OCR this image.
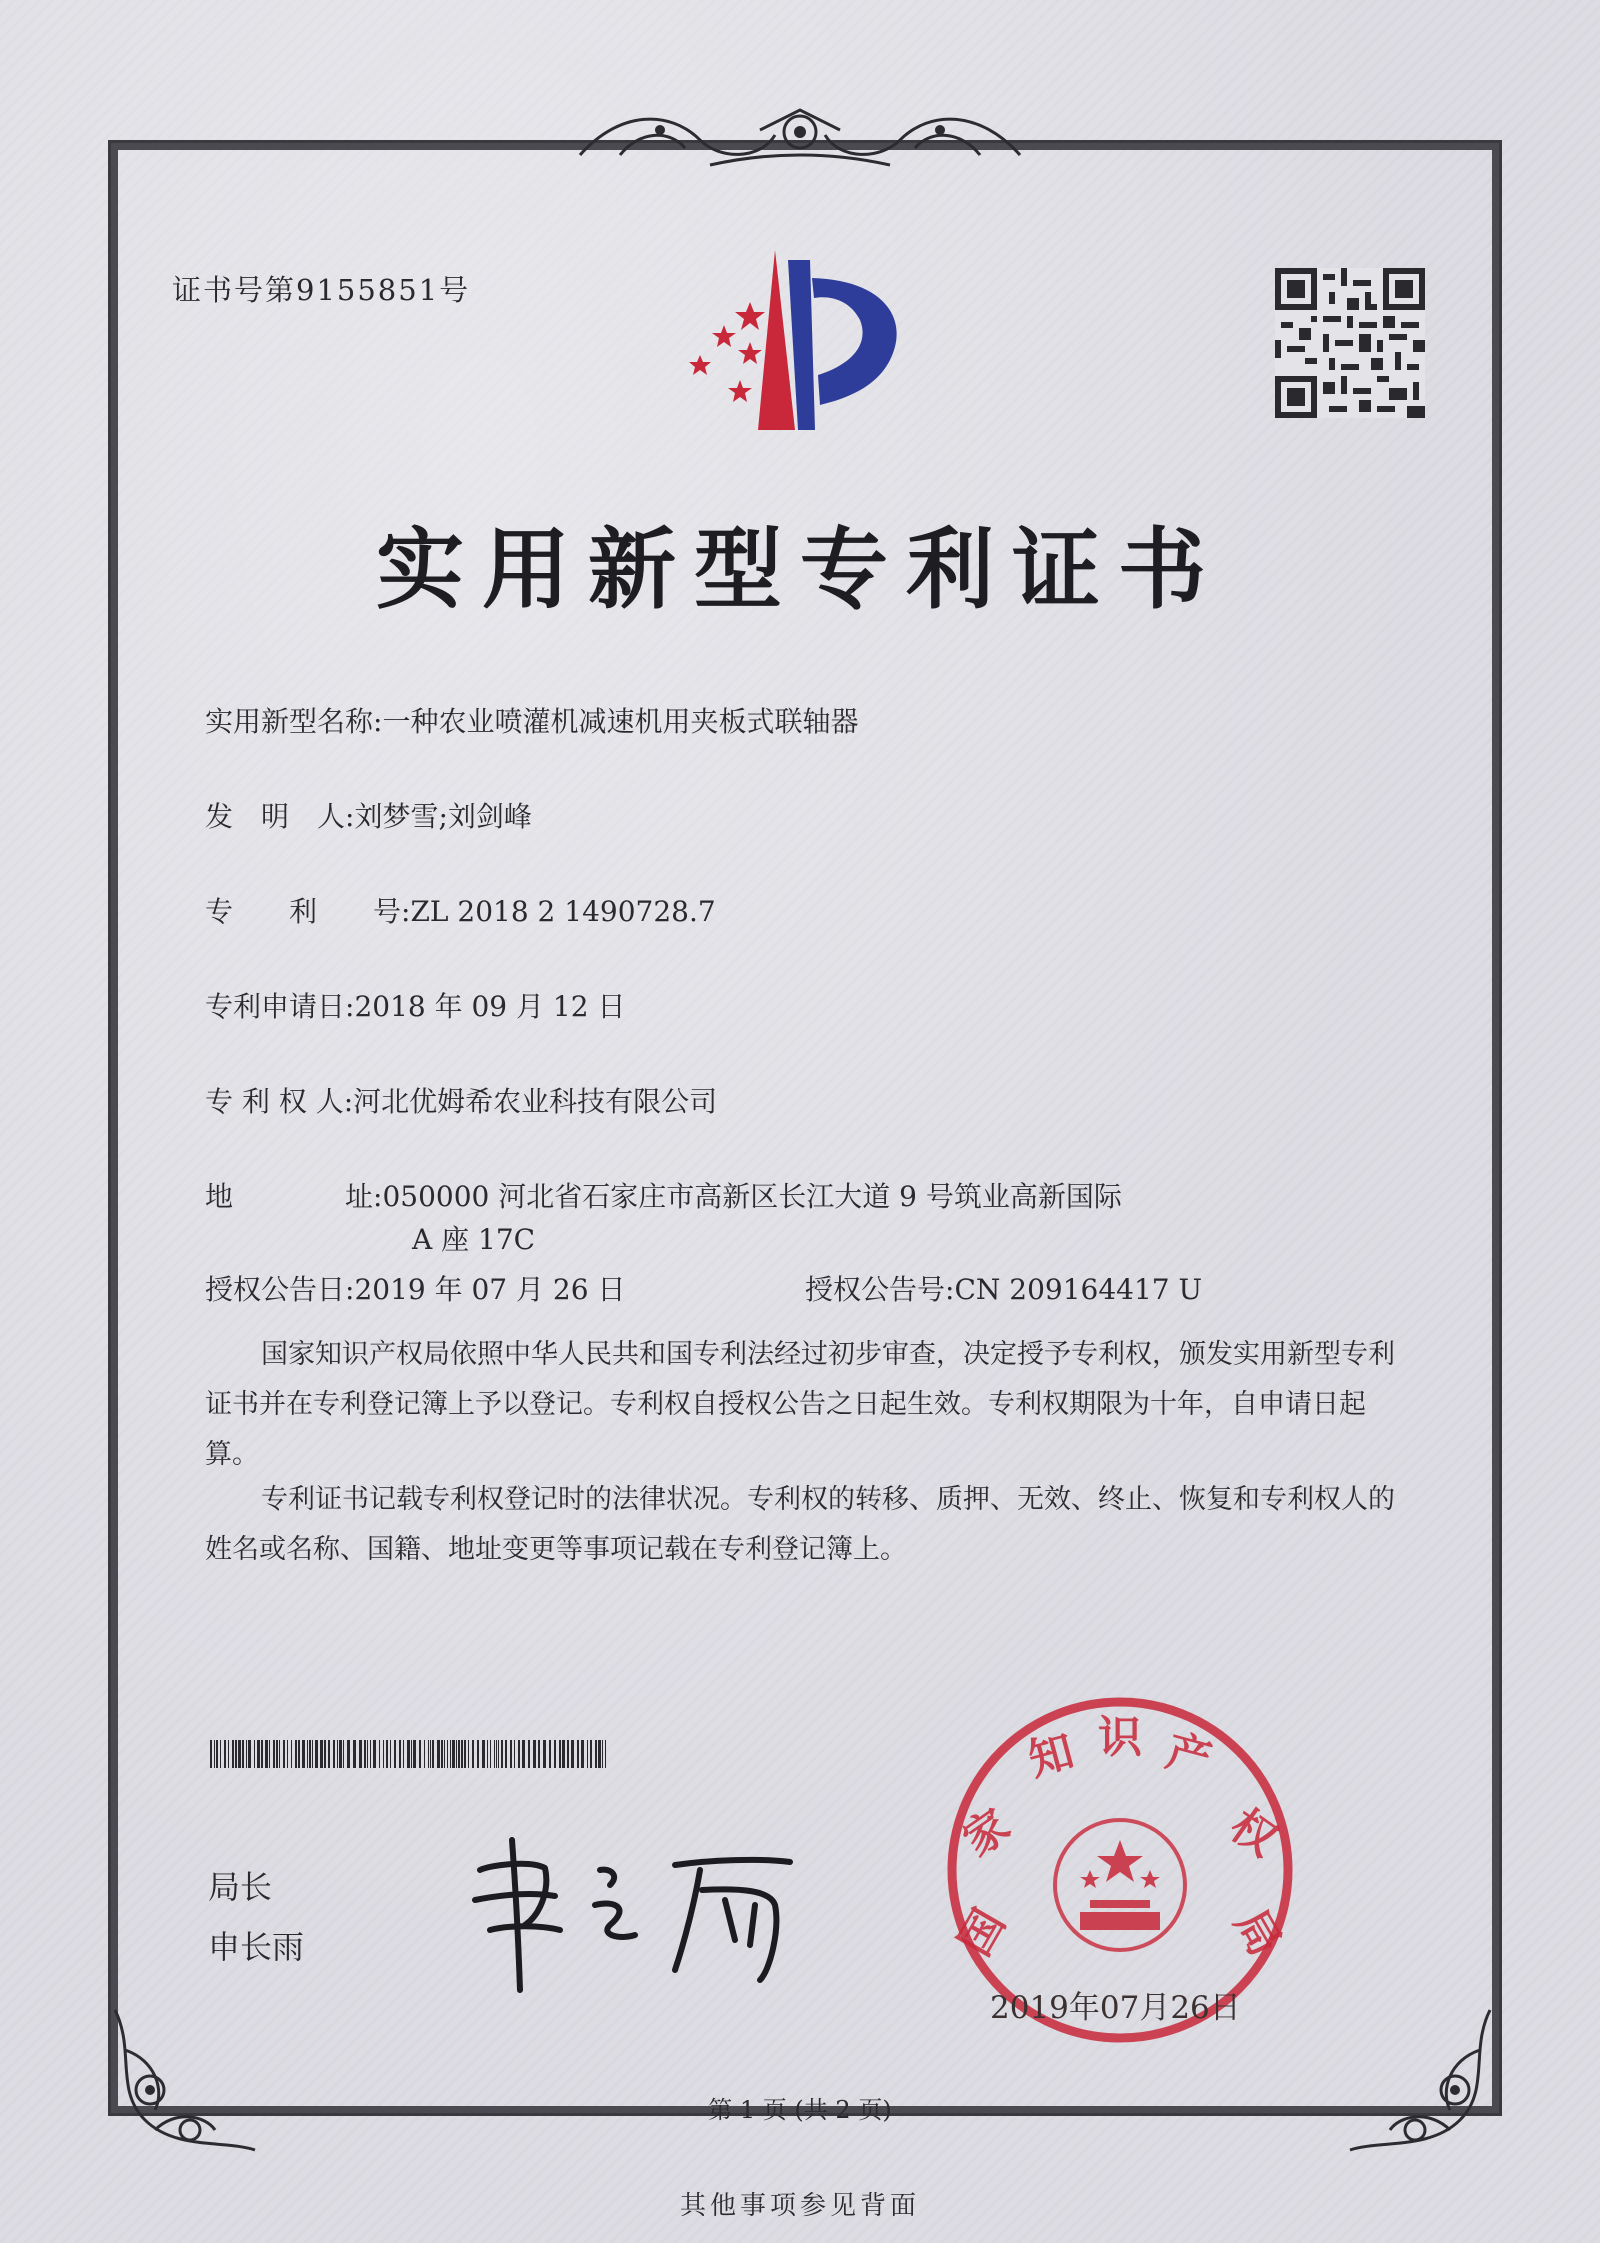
证书号第9155851号
实用新型专利证书
实用新型名称:一种农业喷灌机减速机用夹板式联轴器
发　明　人:刘梦雪;刘剑峰
专　　利　　号:ZL 2018 2 1490728.7
专利申请日:2018 年 09 月 12 日
专 利 权 人:河北优姆希农业科技有限公司
地　　　　址:050000 河北省石家庄市高新区长江大道 9 号筑业高新国际
A 座 17C
授权公告日:2019 年 07 月 26 日	授权公告号:CN 209164417 U
国家知识产权局依照中华人民共和国专利法经过初步审查，决定授予专利权，颁发实用新型专利证书并在专利登记簿上予以登记。专利权自授权公告之日起生效。专利权期限为十年，自申请日起算。
专利证书记载专利权登记时的法律状况。专利权的转移、质押、无效、终止、恢复和专利权人的姓名或名称、国籍、地址变更等事项记载在专利登记簿上。
局长
申长雨	国
家
知 识 产
权
局
2019年07月26日
第 1 页 (共 2 页)
其他事项参见背面
